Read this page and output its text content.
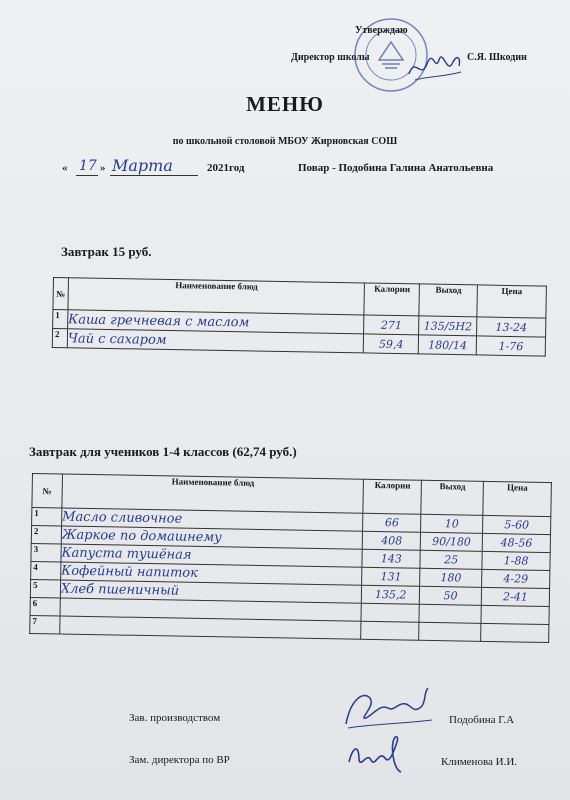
Утверждаю
Директор школы	С.Я. Шкодин
МЕНЮ
по школьной столовой МБОУ Жирновская СОШ
« 17 » Марта	2021год	Повар - Подобина Галина Анатольевна
Завтрак 15 руб.
№	Наименование блюд	Калории	Выход	Цена
1	Каша гречневая с маслом	271	135/5Н2	13-24
2	Чай с сахаром	59,4	180/14	1-76
Завтрак для учеников 1-4 классов (62,74 руб.)
№	Наименование блюд	Калории	Выход	Цена
1	Масло сливочное	66	10	5-60
2	Жаркое по домашнему	408	90/180	48-56
3	Капуста тушёная	143	25	1-88
4	Кофейный напиток	131	180	4-29
5	Хлеб пшеничный	135,2	50	2-41
6				
7				
Зав. производством	Подобина Г.А
Зам. директора по ВР	Клименова И.И.
